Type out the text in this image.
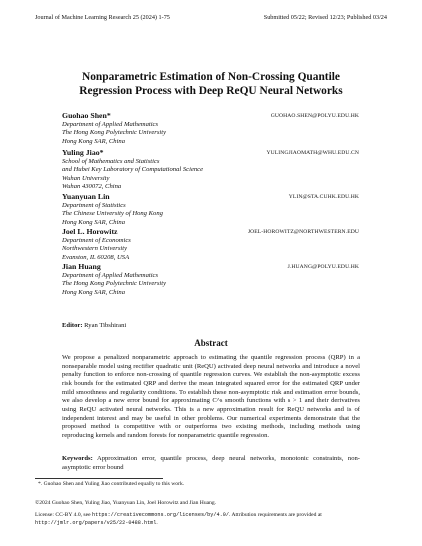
Journal of Machine Learning Research 25 (2024) 1-75	Submitted 05/22; Revised 12/23; Published 03/24
Nonparametric Estimation of Non-Crossing Quantile
Regression Process with Deep ReQU Neural Networks
Guohao Shen*	GUOHAO.SHEN@POLYU.EDU.HK
Department of Applied Mathematics
The Hong Kong Polytechnic University
Hong Kong SAR, China
Yuling Jiao*	YULINGJIAOMATH@WHU.EDU.CN
School of Mathematics and Statistics
and Hubei Key Laboratory of Computational Science
Wuhan University
Wuhan 430072, China
Yuanyuan Lin	YLIN@STA.CUHK.EDU.HK
Department of Statistics
The Chinese University of Hong Kong
Hong Kong SAR, China
Joel L. Horowitz	JOEL-HOROWITZ@NORTHWESTERN.EDU
Department of Economics
Northwestern University
Evanston, IL 60208, USA
Jian Huang	J.HUANG@POLYU.EDU.HK
Department of Applied Mathematics
The Hong Kong Polytechnic University
Hong Kong SAR, China
Editor: Ryan Tibshirani
Abstract
We propose a penalized nonparametric approach to estimating the quantile regression process (QRP) in a nonseparable model using rectifier quadratic unit (ReQU) activated deep neural networks and introduce a novel penalty function to enforce non-crossing of quantile regression curves. We establish the non-asymptotic excess risk bounds for the estimated QRP and derive the mean integrated squared error for the estimated QRP under mild smoothness and regularity conditions. To establish these non-asymptotic risk and estimation error bounds, we also develop a new error bound for approximating C^s smooth functions with s > 1 and their derivatives using ReQU activated neural networks. This is a new approximation result for ReQU networks and is of independent interest and may be useful in other problems. Our numerical experiments demonstrate that the proposed method is competitive with or outperforms two existing methods, including methods using reproducing kernels and random forests for nonparametric quantile regression.
Keywords: Approximation error, quantile process, deep neural networks, monotonic constraints, non-asymptotic error bound
*. Guohao Shen and Yuling Jiao contributed equally to this work.
©2024 Guohao Shen, Yuling Jiao, Yuanyuan Lin, Joel Horowitz and Jian Huang.
License: CC-BY 4.0, see https://creativecommons.org/licenses/by/4.0/. Attribution requirements are provided at http://jmlr.org/papers/v25/22-0488.html.
